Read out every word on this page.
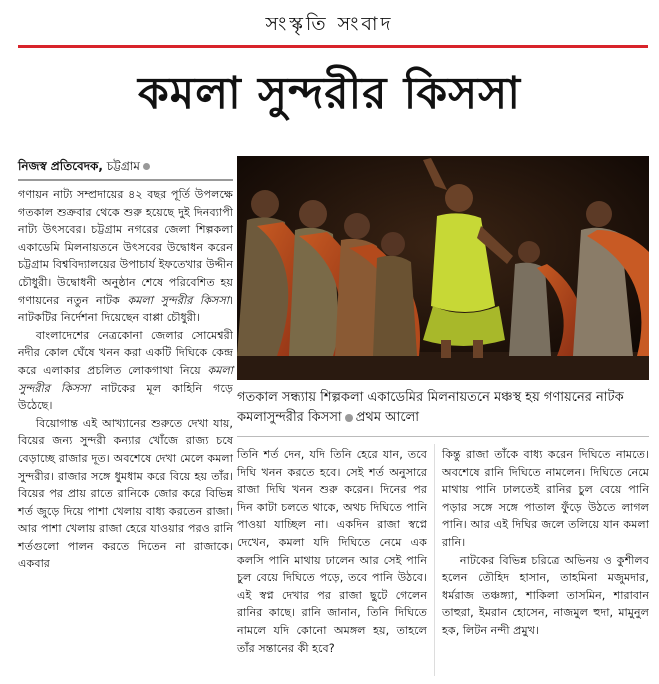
সংস্কৃতি সংবাদ
কমলা সুন্দরীর কিসসা
নিজস্ব প্রতিবেদক, চট্টগ্রাম

গণায়ন নাট্য সম্প্রদায়ের ৪২ বছর পূর্তি উপলক্ষে গতকাল শুক্রবার থেকে শুরু হয়েছে দুই দিনব্যাপী নাট্য উৎসবের। চট্টগ্রাম নগরের জেলা শিল্পকলা একাডেমি মিলনায়তনে উৎসবের উদ্বোধন করেন চট্টগ্রাম বিশ্ববিদ্যালয়ের উপাচার্য ইফতেখার উদ্দীন চৌধুরী। উদ্বোধনী অনুষ্ঠান শেষে পরিবেশিত হয় গণায়নের নতুন নাটক কমলা সুন্দরীর কিসসা। নাটকটির নির্দেশনা দিয়েছেন বাপ্পা চৌধুরী।

বাংলাদেশের নেত্রকোনা জেলার সোমেশ্বরী নদীর কোল ঘেঁষে খনন করা একটি দিঘিকে কেন্দ্র করে এলাকার প্রচলিত লোকগাথা নিয়ে কমলা সুন্দরীর কিসসা নাটকের মূল কাহিনি গড়ে উঠেছে।

বিয়োগান্ত এই আখ্যানের শুরুতে দেখা যায়, বিয়ের জন্য সুন্দরী কন্যার খোঁজে রাজ্য চষে বেড়াচ্ছে রাজার দূত। অবশেষে দেখা মেলে কমলা সুন্দরীর। রাজার সঙ্গে ধুমধাম করে বিয়ে হয় তাঁর। বিয়ের পর প্রায় রাতে রানিকে জোর করে বিভিন্ন শর্ত জুড়ে দিয়ে পাশা খেলায় বাধ্য করতেন রাজা। আর পাশা খেলায় রাজা হেরে যাওয়ার পরও রানি শর্তগুলো পালন করতে দিতেন না রাজাকে। একবার

গতকাল সন্ধ্যায় শিল্পকলা একাডেমির মিলনায়তনে মঞ্চস্থ হয় গণায়নের নাটক কমলাসুন্দরীর কিসসা প্রথম আলো

তিনি শর্ত দেন, যদি তিনি হেরে যান, তবে দিঘি খনন করতে হবে। সেই শর্ত অনুসারে রাজা দিঘি খনন শুরু করেন। দিনের পর দিন কাটা চলতে থাকে, অথচ দিঘিতে পানি পাওয়া যাচ্ছিল না। একদিন রাজা স্বপ্নে দেখেন, কমলা যদি দিঘিতে নেমে এক কলসি পানি মাথায় ঢালেন আর সেই পানি চুল বেয়ে দিঘিতে পড়ে, তবে পানি উঠবে। এই স্বপ্ন দেখার পর রাজা ছুটে গেলেন রানির কাছে। রানি জানান, তিনি দিঘিতে নামলে যদি কোনো অমঙ্গল হয়, তাহলে তাঁর সন্তানের কী হবে?

কিন্তু রাজা তাঁকে বাধ্য করেন দিঘিতে নামতে। অবশেষে রানি দিঘিতে নামলেন। দিঘিতে নেমে মাথায় পানি ঢালতেই রানির চুল বেয়ে পানি পড়ার সঙ্গে সঙ্গে পাতাল ফুঁড়ে উঠতে লাগল পানি। আর এই দিঘির জলে তলিয়ে যান কমলা রানি।

নাটকের বিভিন্ন চরিত্রে অভিনয় ও কুশীলব হলেন তৌহিদ হাসান, তাহমিনা মজুমদার, ধর্মরাজ তঞ্চঙ্গ্যা, শাকিলা তাসমিন, শারাবান তাহুরা, ইমরান হোসেন, নাজমুল হুদা, মামুনুল হক, লিটন নন্দী প্রমুখ।
